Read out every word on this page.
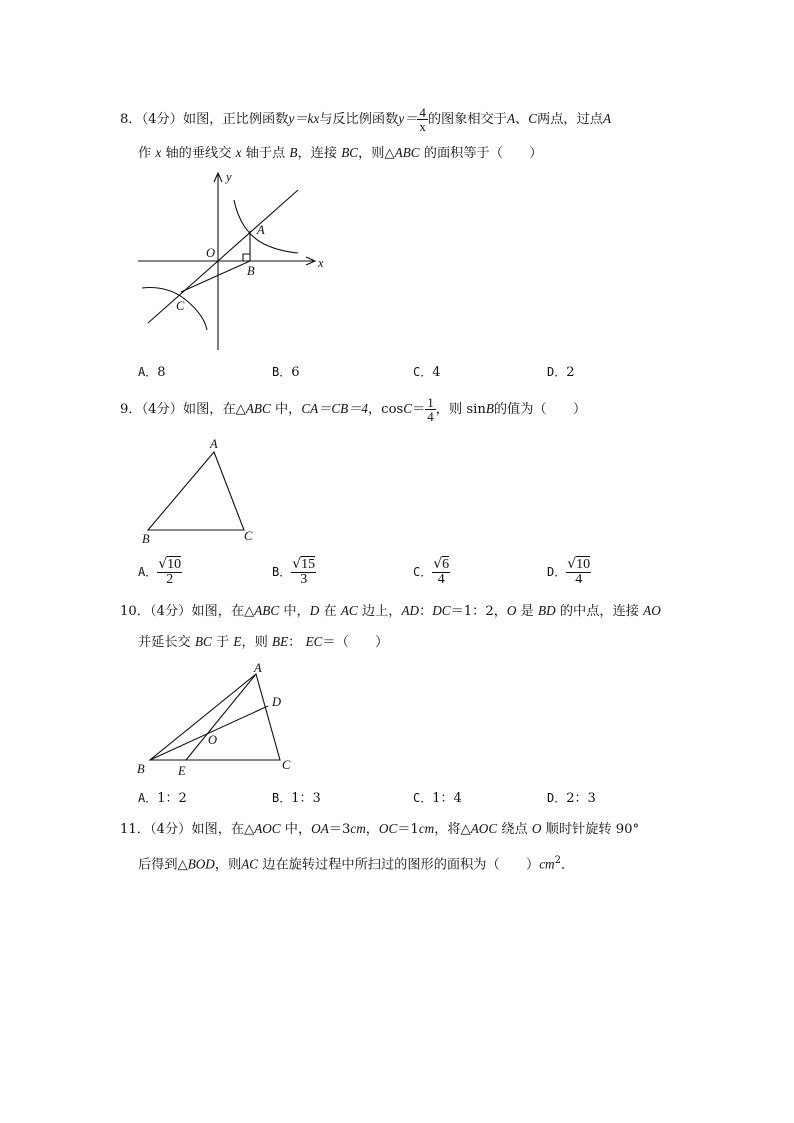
8．（4分）如图，正比例函数y＝kx与反比例函数$y= \frac{4}{x}$ 的图象相交于A、C两点，过点A
作 x 轴的垂线交 x 轴于点 B，连接 BC，则△ABC 的面积等于（　　）
y
x
O
A
B
C
A．8	B．6	C．4	D．2
9．（4分）如图，在△ABC 中，CA＝CB＝4，$\cos C= \frac{1}{4}$ ，则 sinB的值为（　　）
A
B	C
A． $\frac{√10}{2}$	B． $\frac{√15}{3}$	C． $\frac{√6}{4}$	D． $\frac{√10}{4}$
10．（4分）如图，在△ABC 中，D 在 AC 边上，AD：DC＝1：2，O 是 BD 的中点，连接 AO
并延长交 BC 于 E，则 BE： EC＝（　　）
A
B	C
D
O
E
A．1：2	B．1：3	C．1：4	D．2：3
11．（4分）如图，在△AOC 中，OA＝3cm，OC＝1cm，将△AOC 绕点 O 顺时针旋转 90°
后得到△BOD，则AC 边在旋转过程中所扫过的图形的面积为（　　）$cm^2$．
